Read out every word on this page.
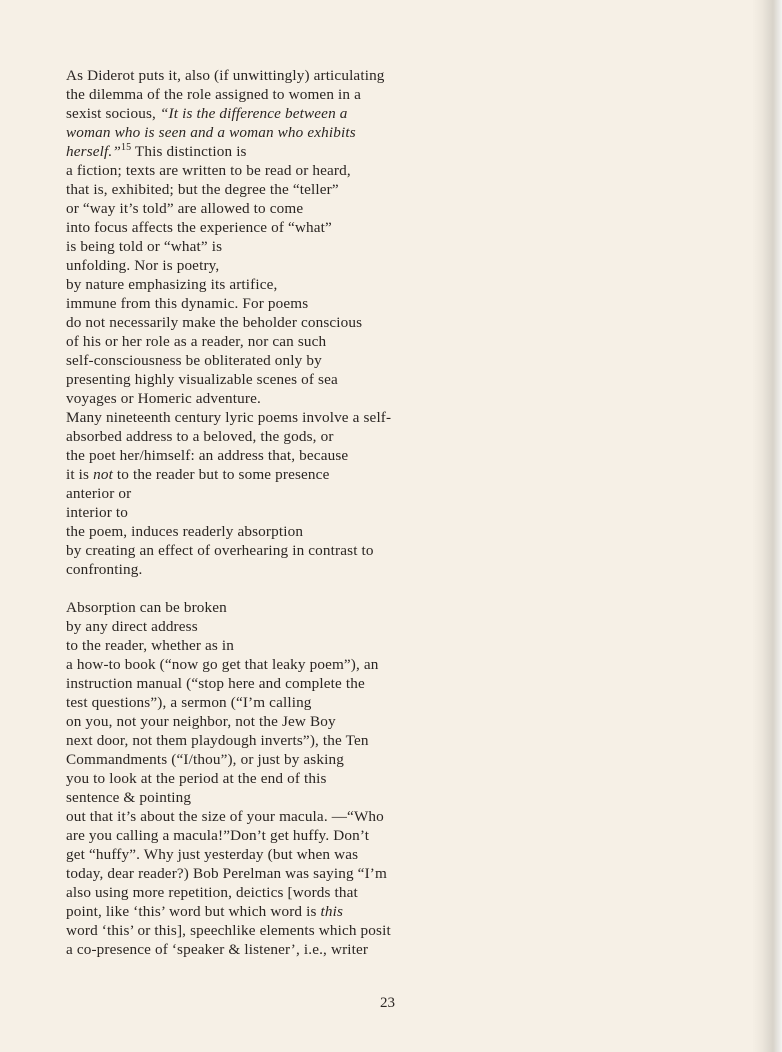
As Diderot puts it, also (if unwittingly) articulating
the dilemma of the role assigned to women in a
sexist socious, “It is the difference between a
woman who is seen and a woman who exhibits
herself.”$^{15}$ This distinction is
a fiction; texts are written to be read or heard,
that is, exhibited; but the degree the “teller”
or “way it’s told” are allowed to come
into focus affects the experience of “what”
is being told or “what” is
unfolding. Nor is poetry,
by nature emphasizing its artifice,
immune from this dynamic. For poems
do not necessarily make the beholder conscious
of his or her role as a reader, nor can such
self-consciousness be obliterated only by
presenting highly visualizable scenes of sea
voyages or Homeric adventure.
Many nineteenth century lyric poems involve a self-
absorbed address to a beloved, the gods, or
the poet her/himself: an address that, because
it is not to the reader but to some presence
anterior or
interior to
the poem, induces readerly absorption
by creating an effect of overhearing in contrast to
confronting.
Absorption can be broken
by any direct address
to the reader, whether as in
a how-to book (“now go get that leaky poem”), an
instruction manual (“stop here and complete the
test questions”), a sermon (“I’m calling
on you, not your neighbor, not the Jew Boy
next door, not them playdough inverts”), the Ten
Commandments (“I/thou”), or just by asking
you to look at the period at the end of this
sentence & pointing
out that it’s about the size of your macula. —“Who
are you calling a macula!”Don’t get huffy. Don’t
get “huffy”. Why just yesterday (but when was
today, dear reader?) Bob Perelman was saying “I’m
also using more repetition, deictics [words that
point, like ‘this’ word but which word is this
word ‘this’ or this], speechlike elements which posit
a co-presence of ‘speaker & listener’, i.e., writer
23
